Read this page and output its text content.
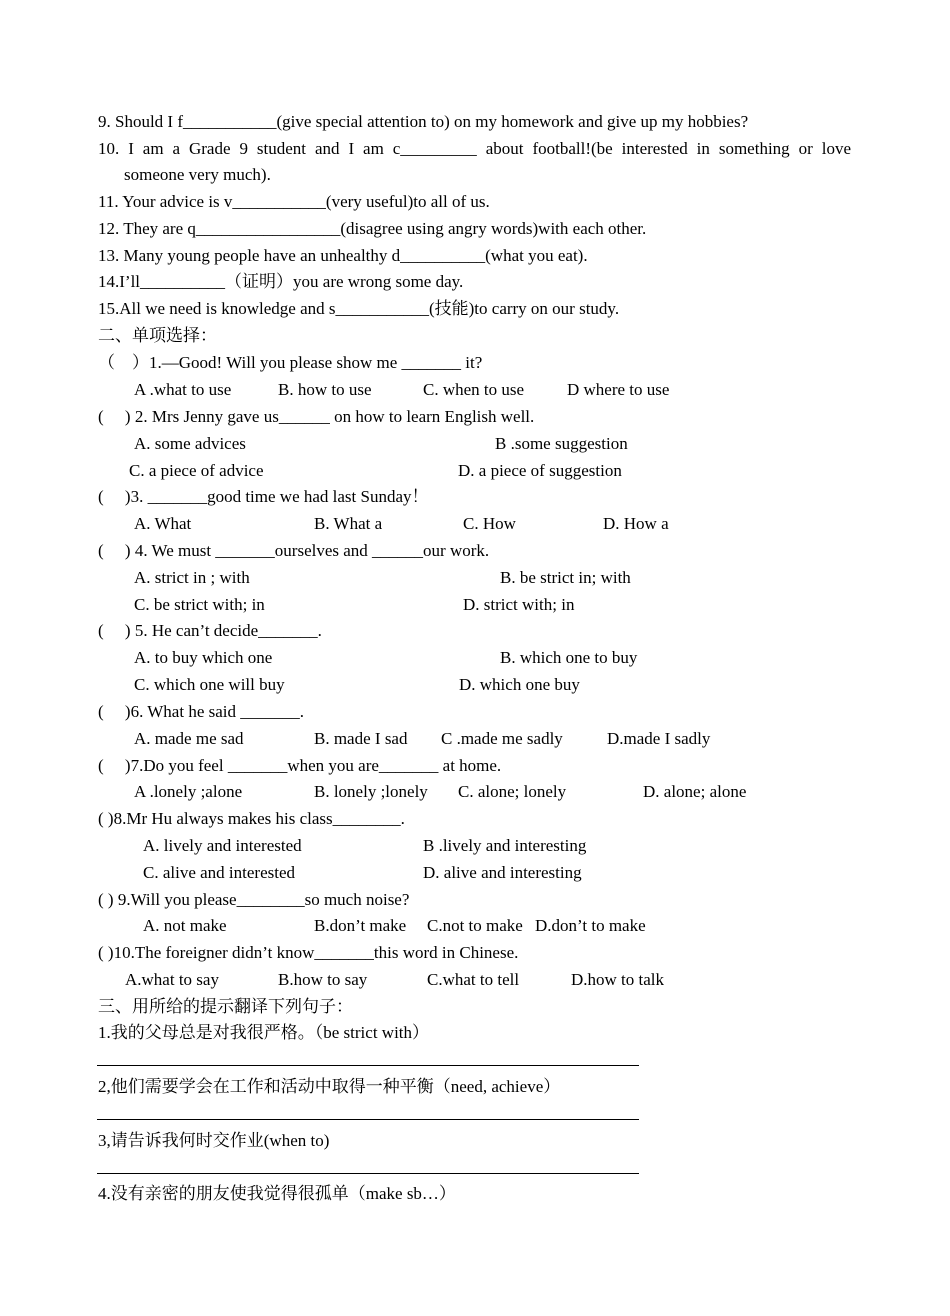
9. Should I f___________(give special attention to) on my homework and give up my hobbies?
10. I am a Grade 9 student and I am c_________ about football!(be interested in something or love
someone very much).
11. Your advice is v___________(very useful)to all of us.
12. They are q_________________(disagree using angry words)with each other.
13. Many young people have an unhealthy d__________(what you eat).
14.I’ll__________（证明）you are wrong some day.
15.All we need is knowledge and s___________(技能)to carry on our study.
二、单项选择：
（　）1.—Good! Will you please show me _______ it?
A .what to use	B. how to use	C. when to use	D where to use
(　 ) 2. Mrs Jenny gave us______ on how to learn English well.
A. some advices	B .some suggestion
C. a piece of advice	D. a piece of suggestion
(　 )3. _______good time we had last Sunday！
A. What	B. What a	C. How	D. How a
(　 ) 4. We must _______ourselves and ______our work.
A. strict in ; with	B. be strict in; with
C. be strict with; in	D. strict with; in
(　 ) 5. He can’t decide_______.
A. to buy which one	B. which one to buy
C. which one will buy	D. which one buy
(　 )6. What he said _______.
A. made me sad	B. made I sad C .made me sadly	D.made I sadly
(　 )7.Do you feel _______when you are_______ at home.
A .lonely ;alone	B. lonely ;lonely C. alone; lonely	D. alone; alone
( )8.Mr Hu always makes his class________.
A. lively and interested	B .lively and interesting
C. alive and interested	D. alive and interesting
( ) 9.Will you please________so much noise?
A. not make	B.don’t make C.not to make D.don’t to make
( )10.The foreigner didn’t know_______this word in Chinese.
A.what to say	B.how to say	C.what to tell	D.how to talk
三、用所给的提示翻译下列句子：
1.我的父母总是对我很严格。（be strict with）
2,他们需要学会在工作和活动中取得一种平衡（need, achieve）
3,请告诉我何时交作业(when to)
4.没有亲密的朋友使我觉得很孤单（make sb…）
